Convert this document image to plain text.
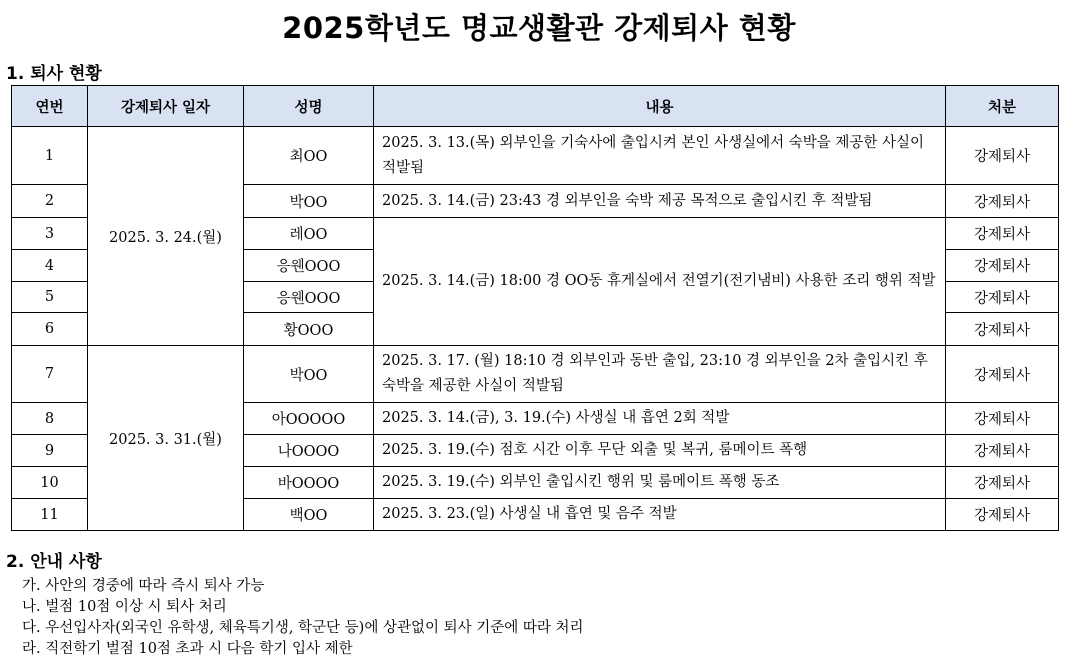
2025학년도 명교생활관 강제퇴사 현황
1. 퇴사 현황
연번	강제퇴사 일자	성명	내용	처분
1	2025. 3. 24.(월)	최OO	2025. 3. 13.(목) 외부인을 기숙사에 출입시켜 본인 사생실에서 숙박을 제공한 사실이 적발됨	강제퇴사
2		박OO	2025. 3. 14.(금) 23:43 경 외부인을 숙박 제공 목적으로 출입시킨 후 적발됨	강제퇴사
3		레OO	2025. 3. 14.(금) 18:00 경 OO동 휴게실에서 전열기(전기냄비) 사용한 조리 행위 적발	강제퇴사
4		응웬OOO		강제퇴사
5		응웬OOO		강제퇴사
6		황OOO		강제퇴사
7	2025. 3. 31.(월)	박OO	2025. 3. 17. (월) 18:10 경 외부인과 동반 출입, 23:10 경 외부인을 2차 출입시킨 후 숙박을 제공한 사실이 적발됨	강제퇴사
8		아OOOOO	2025. 3. 14.(금), 3. 19.(수) 사생실 내 흡연 2회 적발	강제퇴사
9		나OOOO	2025. 3. 19.(수) 점호 시간 이후 무단 외출 및 복귀, 룸메이트 폭행	강제퇴사
10		바OOOO	2025. 3. 19.(수) 외부인 출입시킨 행위 및 룸메이트 폭행 동조	강제퇴사
11		백OO	2025. 3. 23.(일) 사생실 내 흡연 및 음주 적발	강제퇴사
2. 안내 사항
가. 사안의 경중에 따라 즉시 퇴사 가능
나. 벌점 10점 이상 시 퇴사 처리
다. 우선입사자(외국인 유학생, 체육특기생, 학군단 등)에 상관없이 퇴사 기준에 따라 처리
라. 직전학기 벌점 10점 초과 시 다음 학기 입사 제한
